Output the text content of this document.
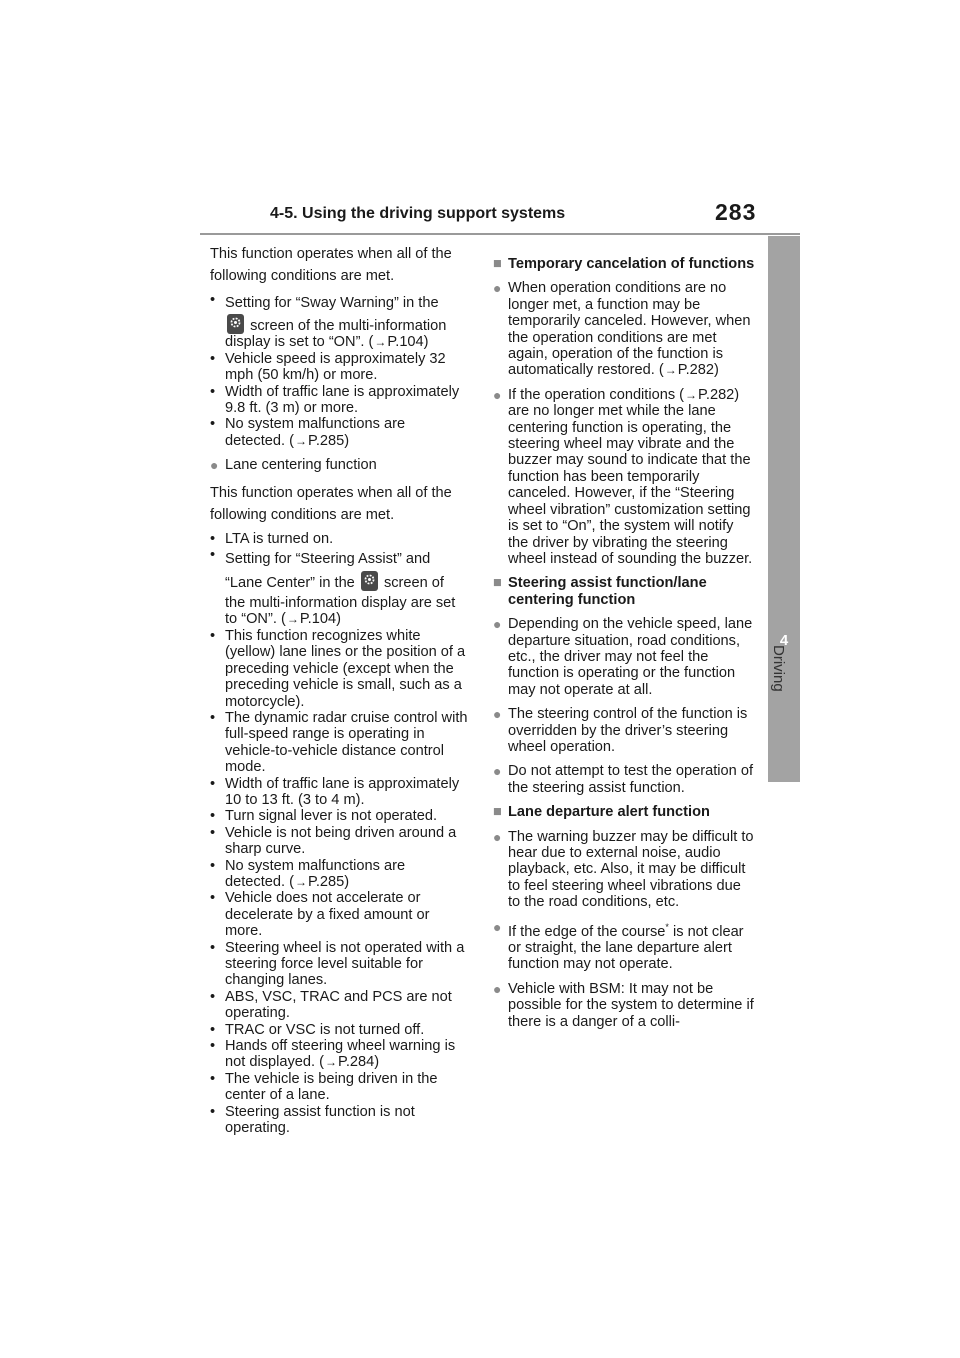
4-5. Using the driving support systems	283
4
Driving

This function operates when all of the following conditions are met.

• Setting for “Sway Warning” in the

screen of the multi-information display is set to “ON”. (→P.104)
• Vehicle speed is approximately 32 mph (50 km/h) or more.
• Width of traffic lane is approximately 9.8 ft. (3 m) or more.
• No system malfunctions are detected. (→P.285)
● Lane centering function

This function operates when all of the following conditions are met.

• LTA is turned on.
• Setting for “Steering Assist” and “Lane Center” in the screen of the multi-information display are set to “ON”. (→P.104)
• This function recognizes white (yellow) lane lines or the position of a preceding vehicle (except when the preceding vehicle is small, such as a motorcycle).
• The dynamic radar cruise control with full-speed range is operating in vehicle-to-vehicle distance control mode.
• Width of traffic lane is approximately 10 to 13 ft. (3 to 4 m).
• Turn signal lever is not operated.
• Vehicle is not being driven around a sharp curve.
• No system malfunctions are detected. (→P.285)
• Vehicle does not accelerate or decelerate by a fixed amount or more.
• Steering wheel is not operated with a steering force level suitable for changing lanes.
• ABS, VSC, TRAC and PCS are not operating.
• TRAC or VSC is not turned off.
• Hands off steering wheel warning is not displayed. (→P.284)
• The vehicle is being driven in the center of a lane.
• Steering assist function is not operating.
■ Temporary cancelation of functions
● When operation conditions are no longer met, a function may be temporarily canceled. However, when the operation conditions are met again, operation of the function is automatically restored. (→P.282)
● If the operation conditions (→P.282) are no longer met while the lane centering function is operating, the steering wheel may vibrate and the buzzer may sound to indicate that the function has been temporarily canceled. However, if the “Steering wheel vibration” customization setting is set to “On”, the system will notify the driver by vibrating the steering wheel instead of sounding the buzzer.
■ Steering assist function/lane centering function
● Depending on the vehicle speed, lane departure situation, road conditions, etc., the driver may not feel the function is operating or the function may not operate at all.
● The steering control of the function is overridden by the driver’s steering wheel operation.
● Do not attempt to test the operation of the steering assist function.
■ Lane departure alert function
● The warning buzzer may be difficult to hear due to external noise, audio playback, etc. Also, it may be difficult to feel steering wheel vibrations due to the road conditions, etc.
● If the edge of the course* is not clear or straight, the lane departure alert function may not operate.
● Vehicle with BSM: It may not be possible for the system to determine if there is a danger of a colli-
